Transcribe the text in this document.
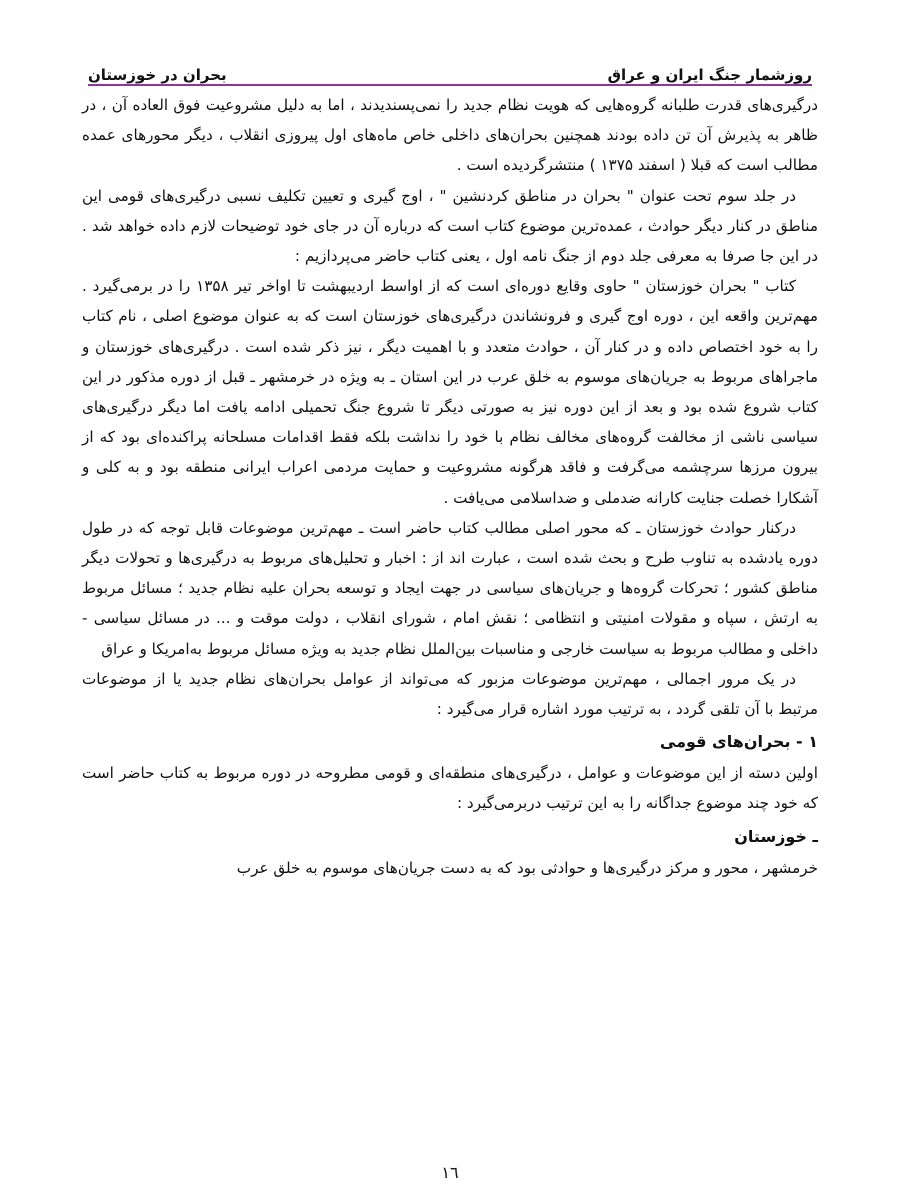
روزشمار جنگ ایران و عراق
بحران در خوزستان

درگیری‌های قدرت طلبانه گروه‌هایی که هویت نظام جدید را نمی‌پسندیدند ، اما به دلیل مشروعیت فوق العاده آن ، در ظاهر به پذیرش آن تن داده بودند همچنین بحران‌های داخلی خاص ماه‌های اول پیروزی انقلاب ، دیگر محورهای عمده مطالب است که قبلا ( اسفند ۱۳۷۵ ) منتشرگردیده است .

در جلد سوم تحت عنوان " بحران در مناطق کردنشین " ، اوج گیری و تعیین تکلیف نسبی درگیری‌های قومی این مناطق در کنار دیگر حوادث ، عمده‌ترین موضوع کتاب است که درباره آن در جای خود توضیحات لازم داده خواهد شد . در این جا صرفا به معرفی جلد دوم از جنگ نامه اول ، یعنی کتاب حاضر می‌پردازیم :

کتاب " بحران خوزستان " حاوی وقایع دوره‌ای است که از اواسط اردیبهشت تا اواخر تیر ۱۳۵۸ را در برمی‌گیرد . مهم‌ترین واقعه این ، دوره اوج گیری و فرونشاندن درگیری‌های خوزستان است که به عنوان موضوع اصلی ، نام کتاب را به خود اختصاص داده و در کنار آن ، حوادث متعدد و با اهمیت دیگر ، نیز ذکر شده است . درگیری‌های خوزستان و ماجراهای مربوط به جریان‌های موسوم به خلق عرب در این استان ـ به ویژه در خرمشهر ـ قبل از دوره مذکور در این کتاب شروع شده بود و بعد از این دوره نیز به صورتی دیگر تا شروع جنگ تحمیلی ادامه یافت اما دیگر درگیری‌های سیاسی ناشی از مخالفت گروه‌های مخالف نظام با خود را نداشت بلکه فقط اقدامات مسلحانه پراکنده‌ای بود که از بیرون مرزها سرچشمه می‌گرفت و فاقد هرگونه مشروعیت و حمایت مردمی اعراب ایرانی منطقه بود و به کلی و آشکارا خصلت جنایت کارانه ضدملی و ضداسلامی می‌یافت .

درکنار حوادث خوزستان ـ که محور اصلی مطالب کتاب حاضر است ـ مهم‌ترین موضوعات قابل توجه که در طول دوره یادشده به تناوب طرح و بحث شده است ، عبارت اند از : اخبار و تحلیل‌های مربوط به درگیری‌ها و تحولات دیگر مناطق کشور ؛ تحرکات گروه‌ها و جریان‌های سیاسی در جهت ایجاد و توسعه بحران علیه نظام جدید ؛ مسائل مربوط به ارتش ، سپاه و مقولات امنیتی و انتظامی ؛ نقش امام ، شورای انقلاب ، دولت موقت و ... در مسائل سیاسی - داخلی و مطالب مربوط به سیاست خارجی و مناسبات بین‌الملل نظام جدید به ویژه مسائل مربوط به‌امریکا و عراق

در یک مرور اجمالی ، مهم‌ترین موضوعات مزبور که می‌تواند از عوامل بحران‌های نظام جدید یا از موضوعات مرتبط با آن تلقی گردد ، به ترتیب مورد اشاره قرار می‌گیرد :

۱ - بحران‌های قومی

اولین دسته از این موضوعات و عوامل ، درگیری‌های منطقه‌ای و قومی مطروحه در دوره مربوط به کتاب حاضر است که خود چند موضوع جداگانه را به این ترتیب دربرمی‌گیرد :

ـ خوزستان

خرمشهر ، محور و مرکز درگیری‌ها و حوادثی بود که به دست جریان‌های موسوم به خلق عرب

١٦
